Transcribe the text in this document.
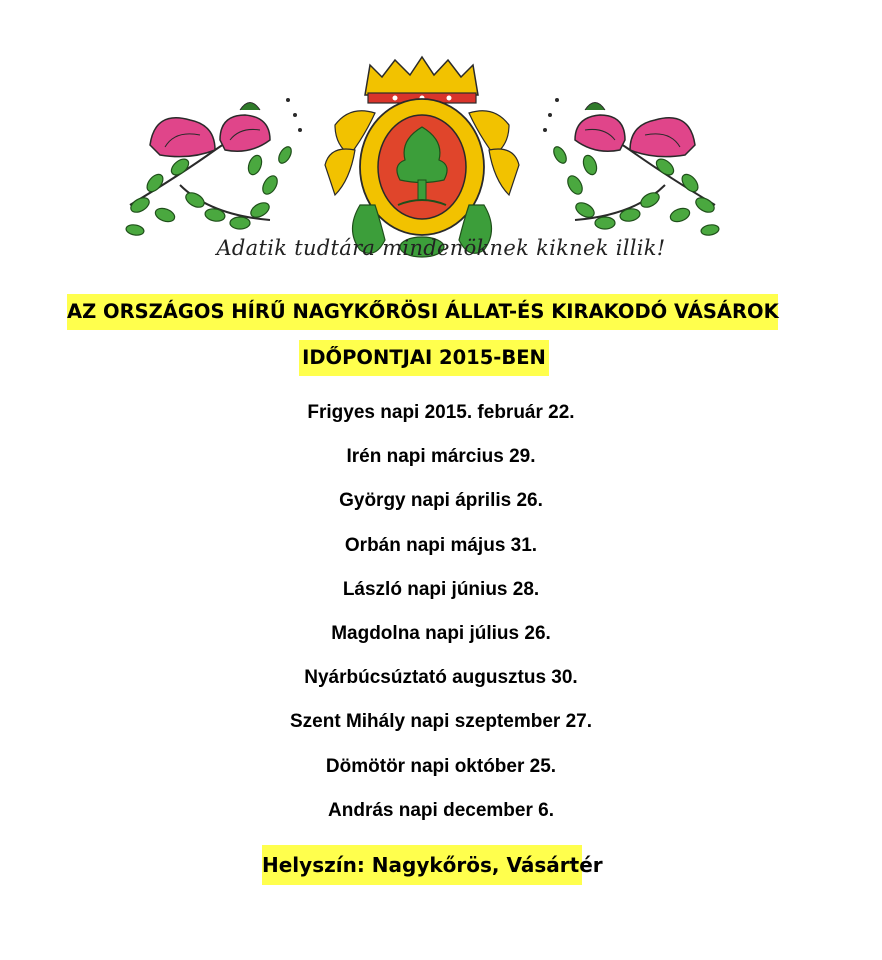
Adatik tudtára mindenöknek kiknek illik!
AZ ORSZÁGOS HÍRŰ NAGYKŐRÖSI ÁLLAT-ÉS KIRAKODÓ VÁSÁROK
IDŐPONTJAI 2015-BEN
Frigyes napi 2015. február 22.
Irén napi március 29.
György napi április 26.
Orbán napi május 31.
László napi június 28.
Magdolna napi július 26.
Nyárbúcsúztató augusztus 30.
Szent Mihály napi szeptember 27.
Dömötör napi október 25.
András napi december 6.
Helyszín: Nagykőrös, Vásártér
